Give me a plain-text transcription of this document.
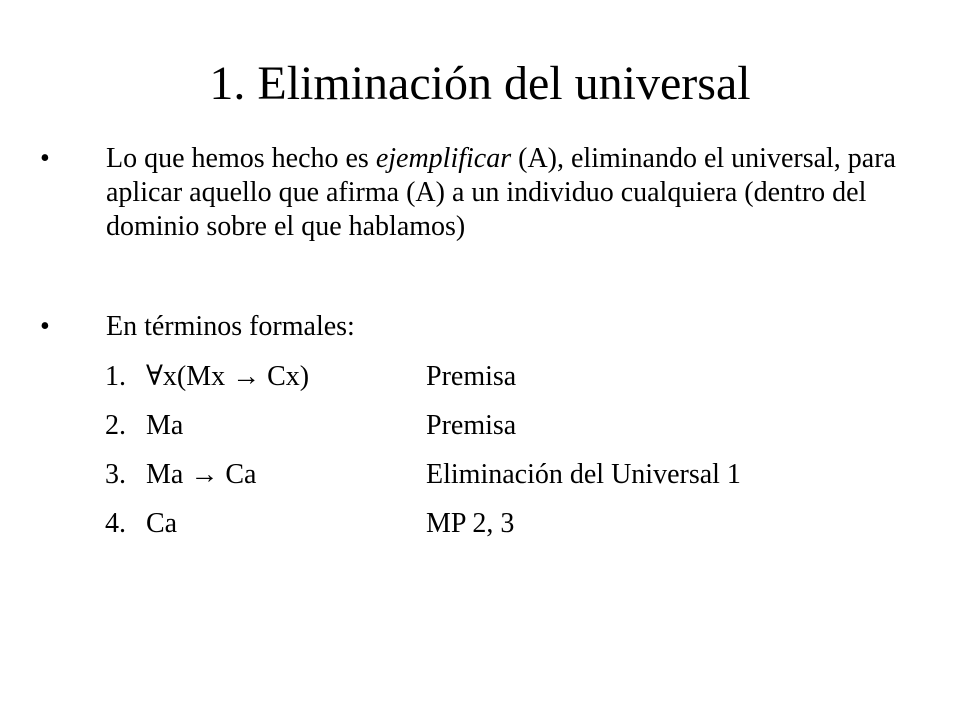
1. Eliminación del universal
• Lo que hemos hecho es ejemplificar (A), eliminando el universal, para aplicar aquello que afirma (A) a un individuo cualquiera (dentro del dominio sobre el que hablamos)
• En términos formales:
1. ∀x(Mx → Cx)	Premisa
2. Ma	Premisa
3. Ma → Ca	Eliminación del Universal 1
4. Ca	MP 2, 3
